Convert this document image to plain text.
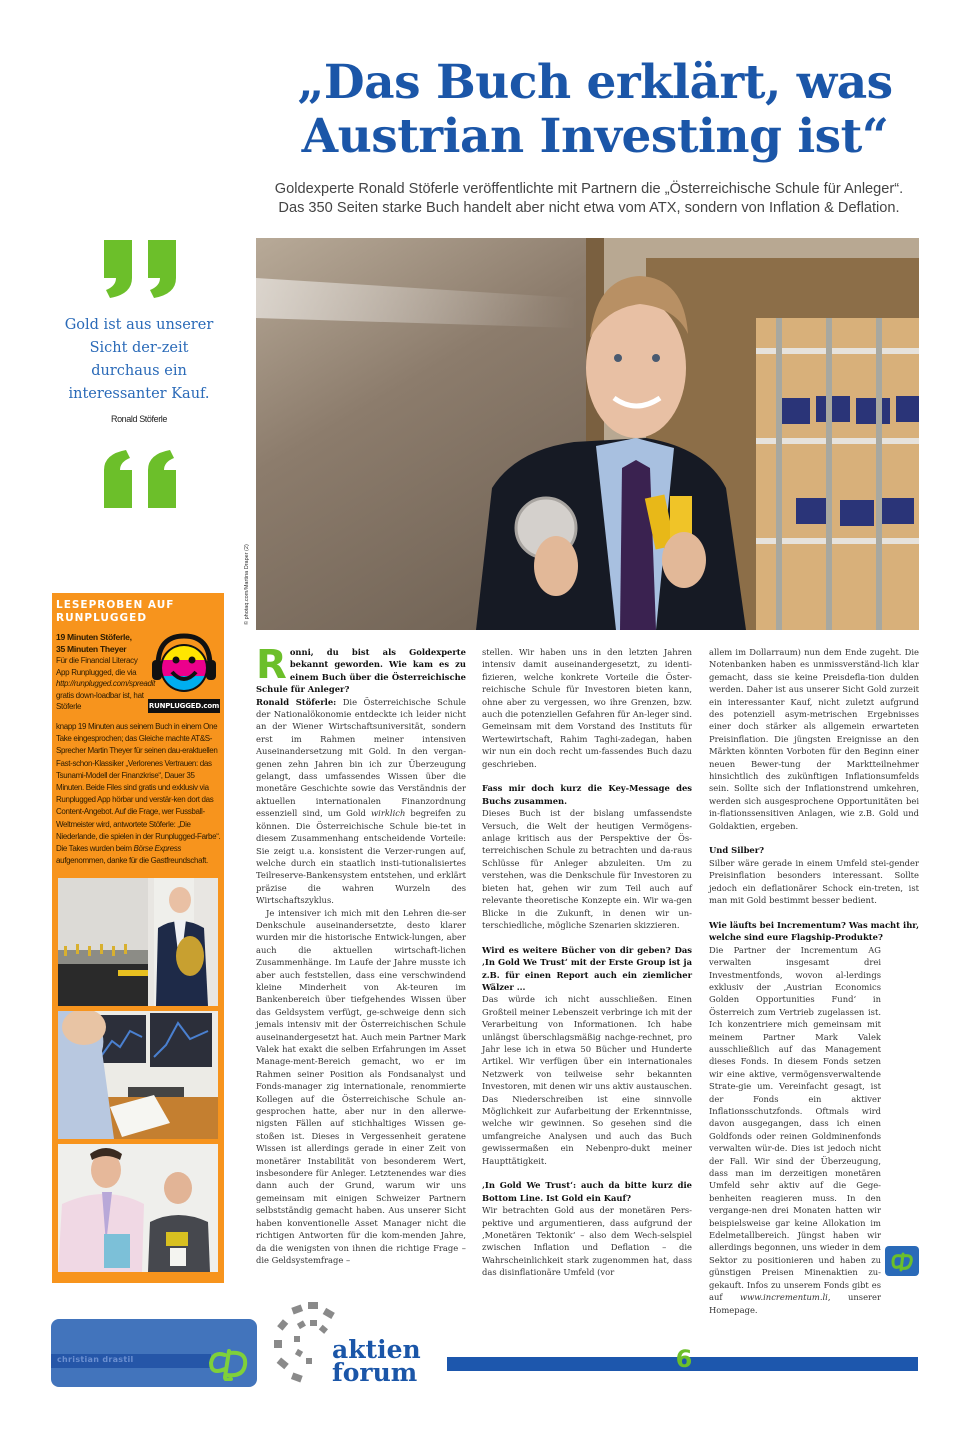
„Das Buch erklärt, was Austrian Investing ist“
Goldexperte Ronald Stöferle veröffentlichte mit Partnern die „Österreichische Schule für Anleger“.
Das 350 Seiten starke Buch handelt aber nicht etwa vom ATX, sondern von Inflation & Deflation.
Gold ist aus unserer Sicht der-zeit durchaus ein interessanter Kauf.
Ronald Stöferle
LESEPROBEN AUF RUNPLUGGED
19 Minuten Stöferle,
35 Minuten Theyer
Für die Financial Literacy App Runplugged, die via http://runplugged.com/spreadit gratis down-loadbar ist, hat Stöferle	RUNPLUGGED.com
knapp 19 Minuten aus seinem Buch in einem One Take eingesprochen; das Gleiche machte AT&S-Sprecher Martin Theyer für seinen dau-eraktuellen Fast-schon-Klassiker „Verlorenes Vertrauen: das Tsunami-Modell der Finanzkrise“, Dauer 35 Minuten. Beide Files sind gratis und exklusiv via Runplugged App hörbar und verstär-ken dort das Content-Angebot. Auf die Frage, wer Fussball-Weltmeister wird, antwortete Stöferle: „Die Niederlande, die spielen in der Runplugged-Farbe“. Die Takes wurden beim Börse Express aufgenommen, danke für die Gastfreundschaft.
© photaq.com/Martina Draper (2)

Ronni, du bist als Goldexperte bekannt geworden. Wie kam es zu einem Buch über die Österreichische Schule für Anleger?

Ronald Stöferle: Die Österreichische Schule der Nationalökonomie entdeckte ich leider nicht an der Wiener Wirtschaftsuniversität, sondern erst im Rahmen meiner intensiven Auseinandersetzung mit Gold. In den vergan-genen zehn Jahren bin ich zur Überzeugung gelangt, dass umfassendes Wissen über die monetäre Geschichte sowie das Verständnis der aktuellen internationalen Finanzordnung essenziell sind, um Gold wirklich begreifen zu können. Die Österreichische Schule bie-tet in diesem Zusammenhang entscheidende Vorteile: Sie zeigt u.a. konsistent die Verzer-rungen auf, welche durch ein staatlich insti-tutionalisiertes Teilreserve-Bankensystem entstehen, und erklärt präzise die wahren Wurzeln des Wirtschaftszyklus.

Je intensiver ich mich mit den Lehren die-ser Denkschule auseinandersetzte, desto klarer wurden mir die historische Entwick-lungen, aber auch die aktuellen wirtschaft-lichen Zusammenhänge. Im Laufe der Jahre musste ich aber auch feststellen, dass eine verschwindend kleine Minderheit von Ak-teuren im Bankenbereich über tiefgehendes Wissen über das Geldsystem verfügt, ge-schweige denn sich jemals intensiv mit der Österreichischen Schule auseinandergesetzt hat. Auch mein Partner Mark Valek hat exakt die selben Erfahrungen im Asset Manage-ment-Bereich gemacht, wo er im Rahmen seiner Position als Fondsanalyst und Fonds-manager zig internationale, renommierte Kollegen auf die Österreichische Schule an-gesprochen hatte, aber nur in den allerwe-nigsten Fällen auf stichhaltiges Wissen ge-stoßen ist. Dieses in Vergessenheit geratene Wissen ist allerdings gerade in einer Zeit von monetärer Instabilität von besonderem Wert, insbesondere für Anleger. Letztenendes war dies dann auch der Grund, warum wir uns gemeinsam mit einigen Schweizer Partnern selbstständig gemacht haben. Aus unserer Sicht haben konventionelle Asset Manager nicht die richtigen Antworten für die kom-menden Jahre, da die wenigsten von ihnen die richtige Frage – die Geldsystemfrage –

stellen. Wir haben uns in den letzten Jahren intensiv damit auseinandergesetzt, zu identi-fizieren, welche konkrete Vorteile die Öster-reichische Schule für Investoren bieten kann, ohne aber zu vergessen, wo ihre Grenzen, bzw. auch die potenziellen Gefahren für An-leger sind. Gemeinsam mit dem Vorstand des Instituts für Wertewirtschaft, Rahim Taghi-zadegan, haben wir nun ein doch recht um-fassendes Buch dazu geschrieben.

Fass mir doch kurz die Key-Message des Buchs zusammen.

Dieses Buch ist der bislang umfassendste Versuch, die Welt der heutigen Vermögens-anlage kritisch aus der Perspektive der Ös-terreichischen Schule zu betrachten und da-raus Schlüsse für Anleger abzuleiten. Um zu verstehen, was die Denkschule für Investoren zu bieten hat, gehen wir zum Teil auch auf relevante theoretische Konzepte ein. Wir wa-gen Blicke in die Zukunft, in denen wir un-terschiedliche, mögliche Szenarien skizzieren.

Wird es weitere Bücher von dir geben? Das ‚In Gold We Trust‘ mit der Erste Group ist ja z.B. für einen Report auch ein ziemlicher Wälzer ...

Das würde ich nicht ausschließen. Einen Großteil meiner Lebenszeit verbringe ich mit der Verarbeitung von Informationen. Ich habe unlängst überschlagsmäßig nachge-rechnet, pro Jahr lese ich in etwa 50 Bücher und Hunderte Artikel. Wir verfügen über ein internationales Netzwerk von teilweise sehr bekannten Investoren, mit denen wir uns aktiv austauschen. Das Niederschreiben ist eine sinnvolle Möglichkeit zur Aufarbeitung der Erkenntnisse, welche wir gewinnen. So gesehen sind die umfangreiche Analysen und auch das Buch gewissermaßen ein Nebenpro-dukt meiner Haupttätigkeit.

‚In Gold We Trust‘: auch da bitte kurz die Bottom Line. Ist Gold ein Kauf?

Wir betrachten Gold aus der monetären Pers-pektive und argumentieren, dass aufgrund der ‚Monetären Tektonik‘ – also dem Wech-selspiel zwischen Inflation und Deflation – die Wahrscheinlichkeit stark zugenommen hat, dass das disinflationäre Umfeld (vor

allem im Dollarraum) nun dem Ende zugeht. Die Notenbanken haben es unmissverständ-lich klar gemacht, dass sie keine Preisdefla-tion dulden werden. Daher ist aus unserer Sicht Gold zurzeit ein interessanter Kauf, nicht zuletzt aufgrund des potenziell asym-metrischen Ergebnisses einer doch stärker als allgemein erwarteten Preisinflation. Die jüngsten Ereignisse an den Märkten könnten Vorboten für den Beginn einer neuen Bewer-tung der Marktteilnehmer hinsichtlich des zukünftigen Inflationsumfelds sein. Sollte sich der Inflationstrend umkehren, werden sich ausgesprochene Opportunitäten bei in-flationssensitiven Anlagen, wie z.B. Gold und Goldaktien, ergeben.

Und Silber?

Silber wäre gerade in einem Umfeld stei-gender Preisinflation besonders interessant. Sollte jedoch ein deflationärer Schock ein-treten, ist man mit Gold bestimmt besser bedient.

Wie läufts bei Incrementum? Was macht ihr, welche sind eure Flagship-Produkte?

Die Partner der Incrementum AG verwalten insgesamt drei Investmentfonds, wovon al-lerdings exklusiv der ‚Austrian Economics Golden Opportunities Fund‘ in Österreich zum Vertrieb zugelassen ist. Ich konzentriere mich gemeinsam mit meinem Partner Mark Valek ausschließlich auf das Management dieses Fonds. In diesem Fonds setzen wir eine aktive, vermögensverwaltende Strate-gie um. Vereinfacht gesagt, ist der Fonds ein aktiver Inflationsschutzfonds. Oftmals wird davon ausgegangen, dass ich einen Goldfonds oder reinen Goldminenfonds verwalten wür-de. Dies ist jedoch nicht der Fall. Wir sind der Überzeugung, dass man im derzeitigen monetären Umfeld sehr aktiv auf die Gege-benheiten reagieren muss. In den vergange-nen drei Monaten hatten wir beispielsweise gar keine Allokation im Edelmetallbereich. Jüngst haben wir allerdings begonnen, uns wieder in dem Sektor zu positionieren und haben zu günstigen Preisen Minenaktien zu-gekauft. Infos zu unserem Fonds gibt es auf www.incrementum.li, unserer Homepage.

christian drastil	aktien
forum	6
